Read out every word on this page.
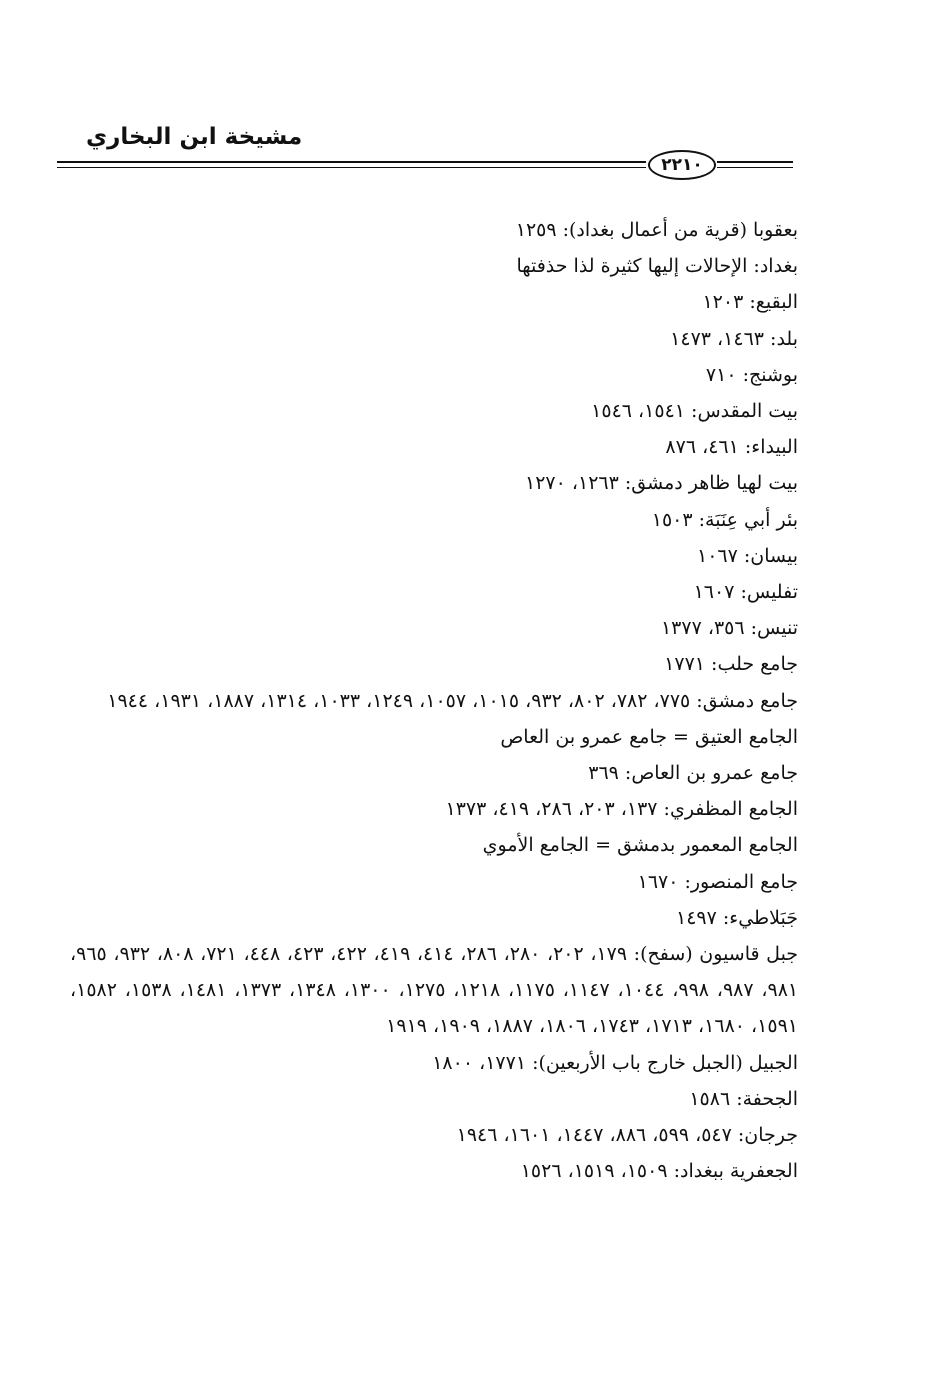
مشيخة ابن البخاري
٢٢١٠
بعقوبا (قرية من أعمال بغداد): ١٢٥٩
بغداد: الإحالات إليها كثيرة لذا حذفتها
البقيع: ١٢٠٣
بلد: ١٤٦٣، ١٤٧٣
بوشنج: ٧١٠
بيت المقدس: ١٥٤١، ١٥٤٦
البيداء: ٤٦١، ٨٧٦
بيت لهيا ظاهر دمشق: ١٢٦٣، ١٢٧٠
بئر أبي عِنَبَة: ١٥٠٣
بيسان: ١٠٦٧
تفليس: ١٦٠٧
تنيس: ٣٥٦، ١٣٧٧
جامع حلب: ١٧٧١
جامع دمشق: ٧٧٥، ٧٨٢، ٨٠٢، ٩٣٢، ١٠١٥، ١٠٥٧، ١٢٤٩، ١٠٣٣، ١٣١٤، ١٨٨٧، ١٩٣١، ١٩٤٤
الجامع العتيق = جامع عمرو بن العاص
جامع عمرو بن العاص: ٣٦٩
الجامع المظفري: ١٣٧، ٢٠٣، ٢٨٦، ٤١٩، ١٣٧٣
الجامع المعمور بدمشق = الجامع الأموي
جامع المنصور: ١٦٧٠
جَبَلاطيء: ١٤٩٧
جبل قاسيون (سفح): ١٧٩، ٢٠٢، ٢٨٠، ٢٨٦، ٤١٤، ٤١٩، ٤٢٢، ٤٢٣، ٤٤٨، ٧٢١، ٨٠٨، ٩٣٢، ٩٦٥، ٩٨١، ٩٨٧، ٩٩٨، ١٠٤٤، ١١٤٧، ١١٧٥، ١٢١٨، ١٢٧٥، ١٣٠٠، ١٣٤٨، ١٣٧٣، ١٤٨١، ١٥٣٨، ١٥٨٢، ١٥٩١، ١٦٨٠، ١٧١٣، ١٧٤٣، ١٨٠٦، ١٨٨٧، ١٩٠٩، ١٩١٩
الجبيل (الجبل خارج باب الأربعين): ١٧٧١، ١٨٠٠
الجحفة: ١٥٨٦
جرجان: ٥٤٧، ٥٩٩، ٨٨٦، ١٤٤٧، ١٦٠١، ١٩٤٦
الجعفرية ببغداد: ١٥٠٩، ١٥١٩، ١٥٢٦
